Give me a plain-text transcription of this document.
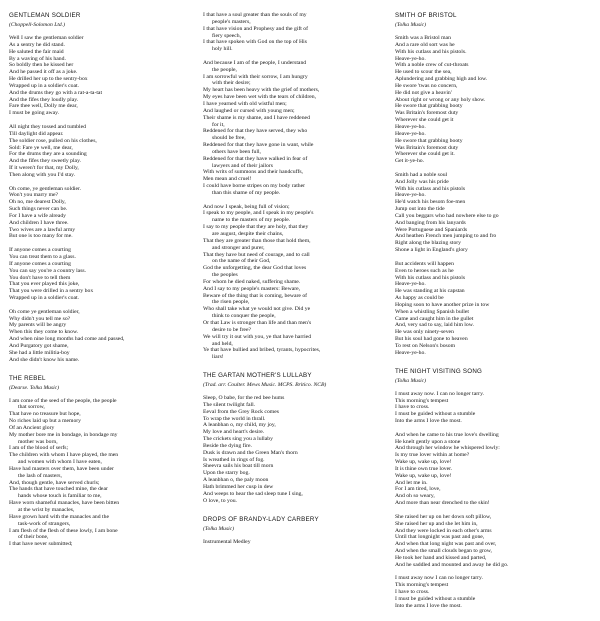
GENTLEMAN SOLDIER
(Choppell-Solomon Ltd.)
Well I saw the gentleman soldier
As a sentry he did stand.
He saluted the fair maid
By a waving of his hand.
So boldly then he kissed her
And he passed it off as a joke.
He drilled her up to the sentry-box
Wrapped up in a soldier's coat.
And the drums they go with a rat-a-ta-tat
And the fifes they loudly play.
Fare thee well, Dolly me dear,
I must be going away.
All night they tossed and tumbled
Till daylight did appear.
The soldier rose, pulled on his clothes,
Sold: Fare ye well, me dear,
For the drums they are a sounding
And the fifes they sweetly play.
If it weren't for that, my Dolly,
Then along with you I'd stay.
Oh come, ye gentleman soldier.
Won't you marry me?
Oh no, me dearest Dolly,
Such things never can be.
For I have a wife already
And children I have three.
Two wives are a lawful army
But one is too many for me.
If anyone comes a courting
You can treat them to a glass.
If anyone comes a courting
You can say you're a country lass.
You don't have to tell them
That you ever played this joke,
That you were drilled in a sentry box
Wrapped up in a soldier's coat.
Oh come ye gentleman soldier,
Why didn't you tell me so?
My parents will be angry
When this they come to know.
And when nine long months had come and passed,
And Purgatory got shame,
She had a little militia-boy
And she didn't know his name.
THE REBEL
(Dearse. Tolka Music)
I am come of the seed of the people, the people
that sorrow,
That have no treasure but hope,
No riches laid up but a memory
Of an Ancient glory
My mother bore me in bondage, in bondage my
mother was born,
I am of the blood of serfs;
The children with whom I have played, the men
and women with whom I have eaten,
Have had masters over them, have been under
the lash of masters,
And, though gentle, have served churls;
The hands that have touched mine, the dear
hands whose touch is familiar to me,
Have worn shameful manacles, have been bitten
at the wrist by manacles,
Have grown hard with the manacles and the
task-work of strangers,
I am flesh of the flesh of these lowly, I am bone
of their bone,
I that have never submitted;
I that have a soul greater than the souls of my
people's masters,
I that have vision and Prophesy and the gift of
fiery speech,
I that have spoken with God on the top of His
holy hill.
And because I am of the people, I understand
the people,
I am sorrowful with their sorrow, I am hungry
with their desire;
My heart has been heavy with the grief of mothers,
My eyes have been wet with the tears of children,
I have yearned with old wistful men;
And laughed or cursed with young men;
Their shame is my shame, and I have reddened
for it,
Reddened for that they have served, they who
should be free,
Reddened for that they have gone in want, while
others have been full,
Reddened for that they have walked in fear of
lawyers and of their jailors
With writs of summons and their handcuffs,
Men mean and cruel!
I could have borne stripes on my body rather
than this shame of my people.
And now I speak, being full of vision;
I speak to my people, and I speak in my people's
name to the masters of my people.
I say to my people that they are holy, that they
are august, despite their chains,
That they are greater than those that hold them,
and stronger and purer,
That they have but need of courage, and to call
on the name of their God,
God the unforgetting, the dear God that loves
the peoples
For whom he died naked, suffering shame.
And I say to my people's masters: Beware,
Beware of the thing that is coming, beware of
the risen people,
Who shall take what ye would not give. Did ye
think to conquer the people,
Or that Law is stronger than life and than men's
desire to be free?
We will try it out with you, ye that have harried
and held,
Ye that have bullied and bribed, tyrants, hypocrites,
liars!
THE GARTAN MOTHER'S LULLABY
(Trad. arr. Coulter. Mews Music. MCPS. Britico. NCB)
Sleep, O babe, for the red bee hums
The silent twilight fall.
Eeval from the Grey Rock comes
To wrap the world in thrall.
A leanbhan o, my child, my joy,
My love and heart's desire.
The crickets sing you a lullaby
Beside the dying fire.
Dusk is drawn and the Green Man's thorn
Is wreathed in rings of fog.
Sheevra sails his boat till morn
Upon the starry bog.
A leanbhan o, the paly moon
Hath brimmed her cusp in dew
And weeps to hear the sad sleep tune I sing,
O love, to you.
DROPS OF BRANDY-LADY CARBERY
(Tolka Music)
Instrumental Medley
SMITH OF BRISTOL
(Tolka Music)
Smith was a Bristol man
And a rare old sort was he
With his cutlass and his pistols.
Heave-ye-ho.
With a noble crew of cut-throats
He used to scour the sea,
Aplundering and grabbing high and low.
He swore 'twas no concern,
He did not give a heavin'
About right or wrong or any holy show.
He swore that grabbing booty
Was Britain's foremost duty
Wherever she could get it
Heave-ye-ho.
Heave-ye-ho.
He swore that grabbing booty
Was Britain's foremost duty
Wherever she could get it.
Get it-ye-ho.
Smith had a noble soul
And Jolly was his pride
With his cutlass and his pistols
Heave-ye-ho.
He'd watch his besom foe-men
Jump out into the tide
Call you beggars who had nowhere else to go
And banging from his lanyards
Were Portuguese and Spaniards
And heathen French men jumping to and fro
Right along the blazing story
Shone a light in England's glory
But accidents will happen
Even to heroes such as he
With his cutlass and his pistols
Heave-ye-ho.
He was standing at his capstan
As happy as could be
Hoping soon to have another prize in tow
When a whistling Spanish bullet
Came and caught him in the gullet
And, very sad to say, laid him low.
He was only ninety-seven
But his soul had gone to heaven
To rest on Nelson's bosom
Heave-ye-ho.
THE NIGHT VISITING SONG
(Tolka Music)
I must away now. I can no longer tarry.
This morning's tempest
I have to cross.
I must be guided without a stumble
Into the arms I love the most.
And when he came to his true love's dwelling
He knelt gently upon a stone
And through her window he whispered lowly:
Is my true lover within at home?
Wake up, wake up, love!
It is thine own true lover.
Wake up, wake up, love!
And let me in.
For I am tired, love,
And oh so weary,
And more than near drenched to the skin!
She raised her up on her down soft pillow,
She raised her up and she let him in,
And they were locked in each other's arms
Until that longnight was past and gone,
And when that long night was past and over,
And when the small clouds began to grow,
He took her hand and kissed and parted,
And he saddled and mounted and away he did go.
I must away now I can no longer tarry.
This morning's tempest
I have to cross.
I must be guided without a stumble
Into the arms I love the most.
